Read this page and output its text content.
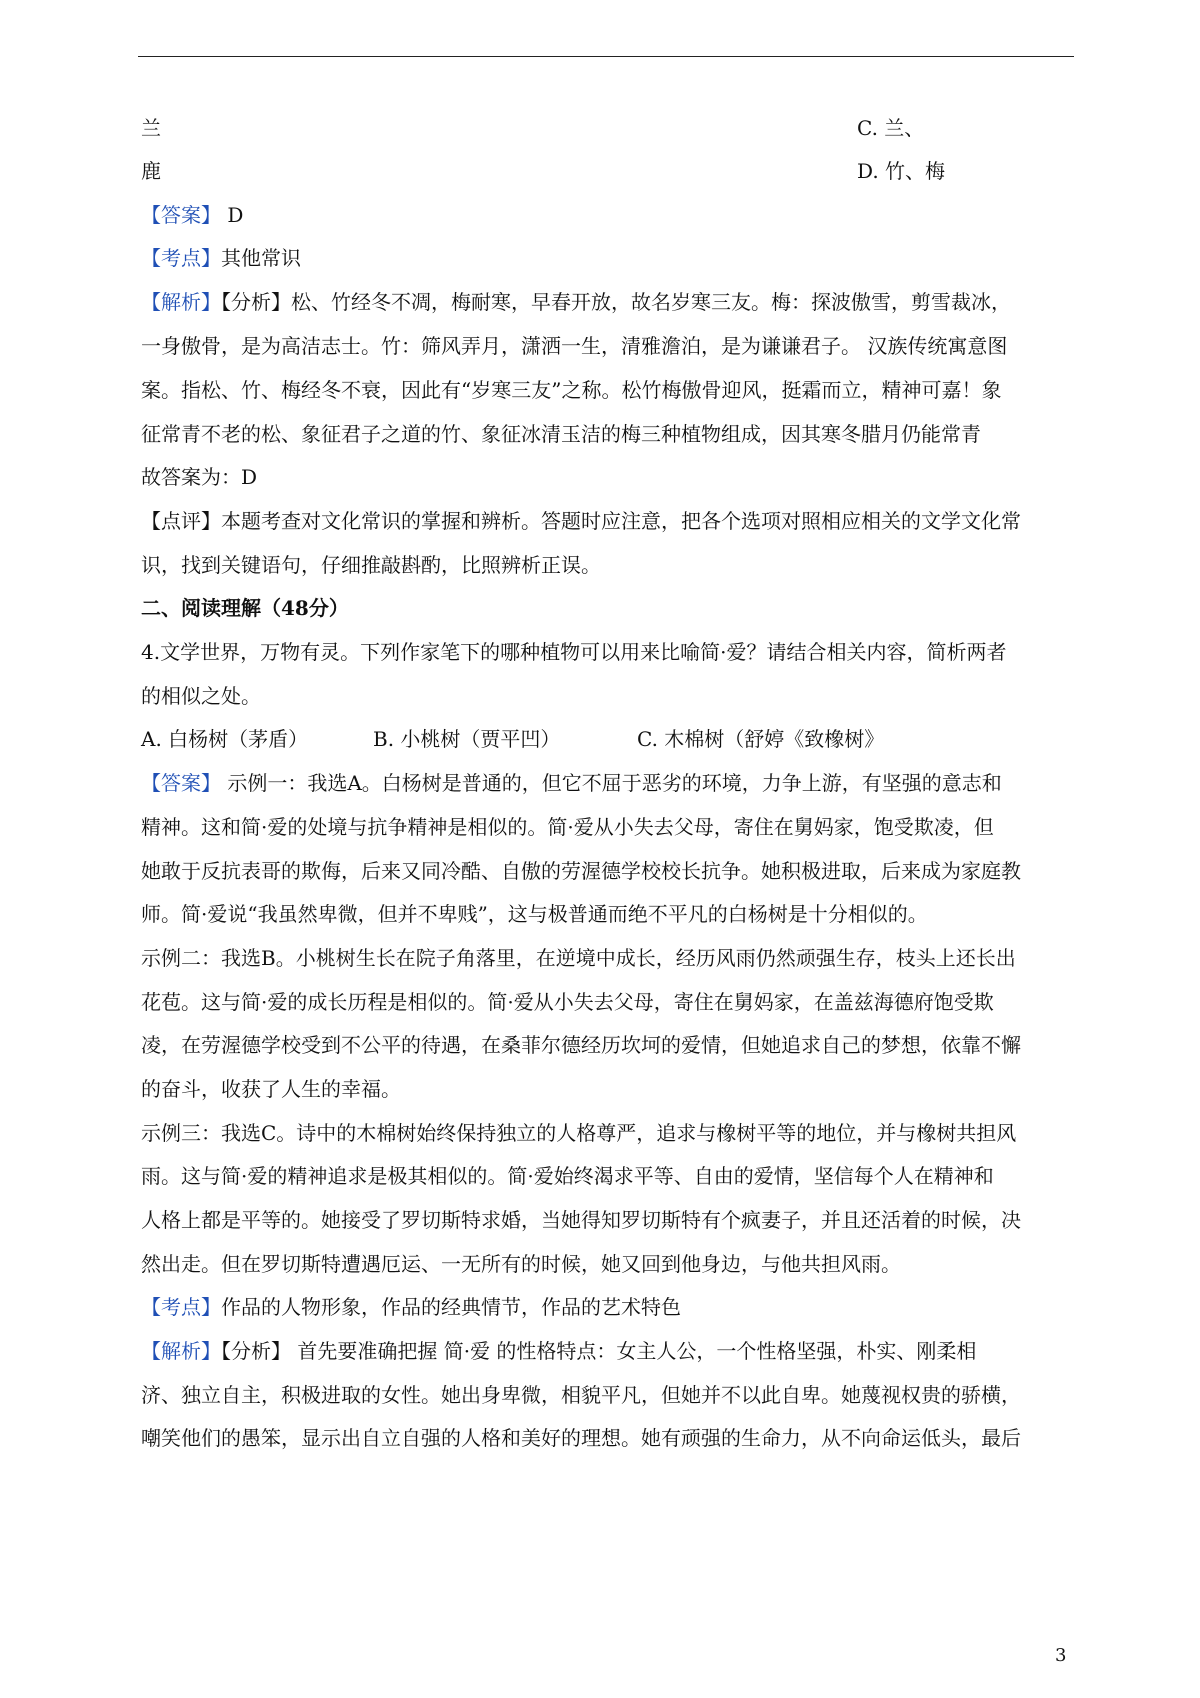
兰	C. 兰、
鹿	D. 竹、梅
【答案】 D
【考点】其他常识
【解析】【分析】松、竹经冬不凋，梅耐寒，早春开放，故名岁寒三友。梅：探波傲雪，剪雪裁冰，
一身傲骨，是为高洁志士。竹：筛风弄月，潇洒一生，清雅澹泊，是为谦谦君子。 汉族传统寓意图
案。指松、竹、梅经冬不衰，因此有“岁寒三友”之称。松竹梅傲骨迎风，挺霜而立，精神可嘉！象
征常青不老的松、象征君子之道的竹、象征冰清玉洁的梅三种植物组成，因其寒冬腊月仍能常青
故答案为：D
【点评】本题考查对文化常识的掌握和辨析。答题时应注意，把各个选项对照相应相关的文学文化常
识，找到关键语句，仔细推敲斟酌，比照辨析正误。
二、阅读理解（48分）
4.文学世界，万物有灵。下列作家笔下的哪种植物可以用来比喻简·爱？请结合相关内容，简析两者
的相似之处。
A. 白杨树（茅盾）	B. 小桃树（贾平凹）	C. 木棉树（舒婷《致橡树》
【答案】 示例一：我选A。白杨树是普通的，但它不屈于恶劣的环境，力争上游，有坚强的意志和
精神。这和简·爱的处境与抗争精神是相似的。简·爱从小失去父母，寄住在舅妈家，饱受欺凌，但
她敢于反抗表哥的欺侮，后来又同冷酷、自傲的劳渥德学校校长抗争。她积极进取，后来成为家庭教
师。简·爱说“我虽然卑微，但并不卑贱”，这与极普通而绝不平凡的白杨树是十分相似的。
示例二：我选B。小桃树生长在院子角落里，在逆境中成长，经历风雨仍然顽强生存，枝头上还长出
花苞。这与简·爱的成长历程是相似的。简·爱从小失去父母，寄住在舅妈家，在盖兹海德府饱受欺
凌，在劳渥德学校受到不公平的待遇，在桑菲尔德经历坎坷的爱情，但她追求自己的梦想，依靠不懈
的奋斗，收获了人生的幸福。
示例三：我选C。诗中的木棉树始终保持独立的人格尊严，追求与橡树平等的地位，并与橡树共担风
雨。这与简·爱的精神追求是极其相似的。简·爱始终渴求平等、自由的爱情，坚信每个人在精神和
人格上都是平等的。她接受了罗切斯特求婚，当她得知罗切斯特有个疯妻子，并且还活着的时候，决
然出走。但在罗切斯特遭遇厄运、一无所有的时候，她又回到他身边，与他共担风雨。
【考点】作品的人物形象，作品的经典情节，作品的艺术特色
【解析】【分析】 首先要准确把握 简·爱 的性格特点：女主人公，一个性格坚强，朴实、刚柔相
济、独立自主，积极进取的女性。她出身卑微，相貌平凡，但她并不以此自卑。她蔑视权贵的骄横，
嘲笑他们的愚笨，显示出自立自强的人格和美好的理想。她有顽强的生命力，从不向命运低头，最后
3
